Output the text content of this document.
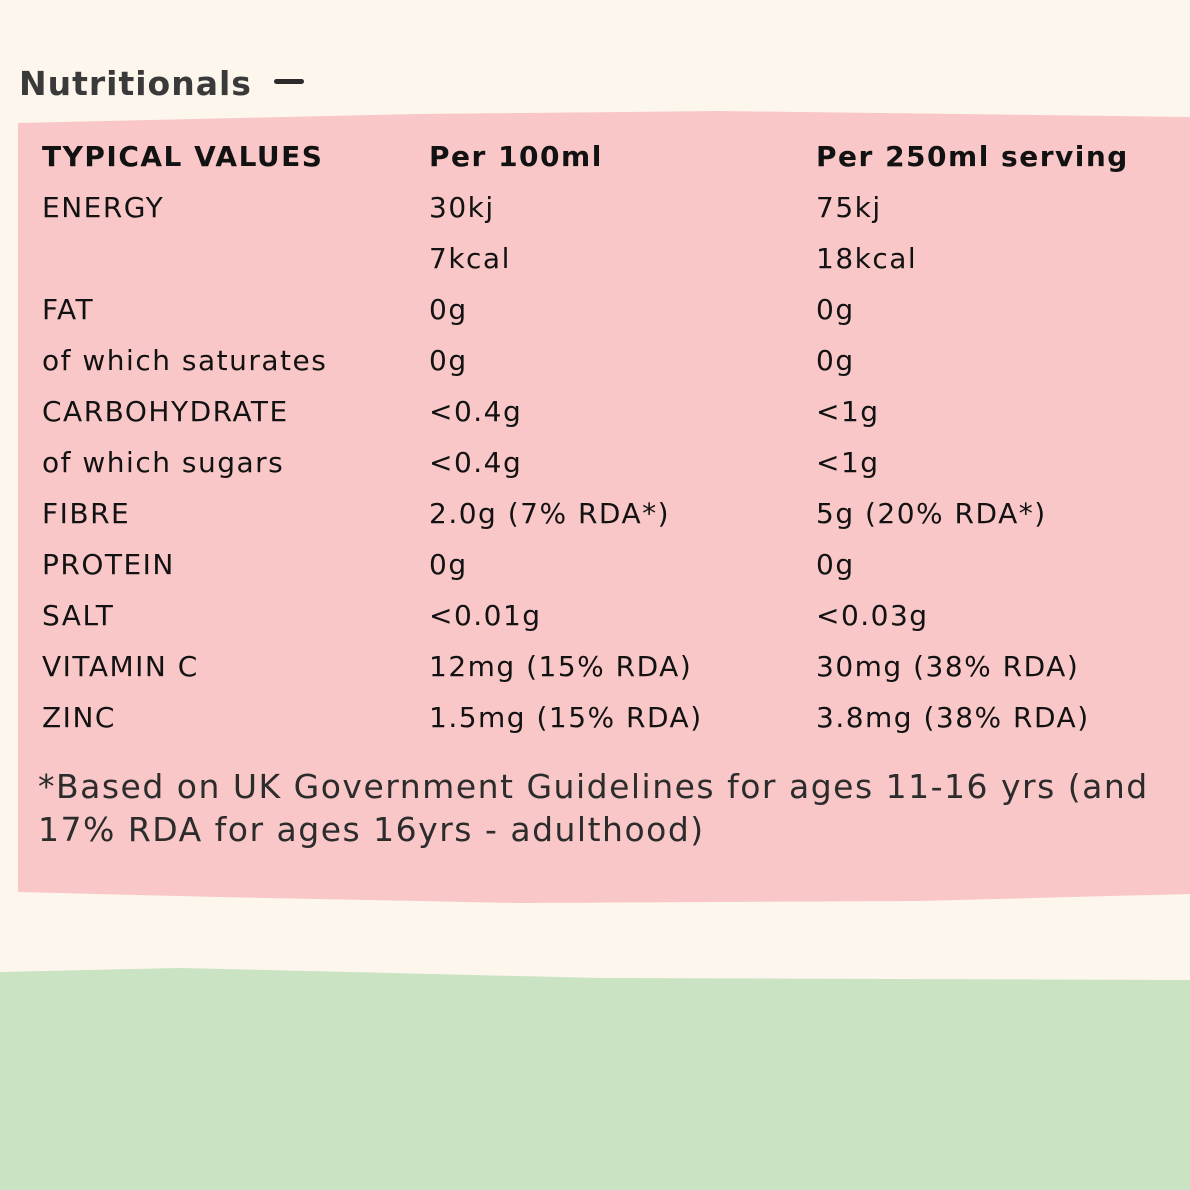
Nutritionals
TYPICAL VALUES	Per 100ml	Per 250ml serving
ENERGY	30kj	75kj
	7kcal	18kcal
FAT	0g	0g
of which saturates	0g	0g
CARBOHYDRATE	<0.4g	<1g
of which sugars	<0.4g	<1g
FIBRE	2.0g (7% RDA*)	5g (20% RDA*)
PROTEIN	0g	0g
SALT	<0.01g	<0.03g
VITAMIN C	12mg (15% RDA)	30mg (38% RDA)
ZINC	1.5mg (15% RDA)	3.8mg (38% RDA)
*Based on UK Government Guidelines for ages 11-16 yrs (and
17% RDA for ages 16yrs - adulthood)
